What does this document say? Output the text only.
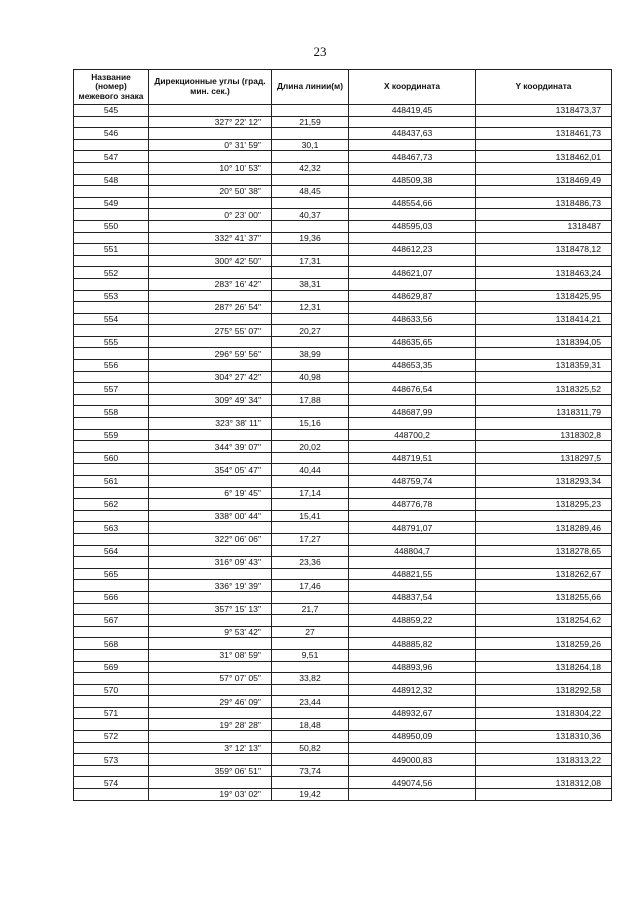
23
Название (номер) межевого знака	Дирекционные углы (град. мин. сек.)	Длина линии(м)	X координата	Y координата
545			448419,45	1318473,37
	327° 22' 12"	21,59		
546			448437,63	1318461,73
	0° 31' 59"	30,1		
547			448467,73	1318462,01
	10° 10' 53"	42,32		
548			448509,38	1318469,49
	20° 50' 38"	48,45		
549			448554,66	1318486,73
	0° 23' 00"	40,37		
550			448595,03	1318487
	332° 41' 37"	19,36		
551			448612,23	1318478,12
	300° 42' 50"	17,31		
552			448621,07	1318463,24
	283° 16' 42"	38,31		
553			448629,87	1318425,95
	287° 26' 54"	12,31		
554			448633,56	1318414,21
	275° 55' 07"	20,27		
555			448635,65	1318394,05
	296° 59' 56"	38,99		
556			448653,35	1318359,31
	304° 27' 42"	40,98		
557			448676,54	1318325,52
	309° 49' 34"	17,88		
558			448687,99	1318311,79
	323° 38' 11"	15,16		
559			448700,2	1318302,8
	344° 39' 07"	20,02		
560			448719,51	1318297,5
	354° 05' 47"	40,44		
561			448759,74	1318293,34
	6° 19' 45"	17,14		
562			448776,78	1318295,23
	338° 00' 44"	15,41		
563			448791,07	1318289,46
	322° 06' 06"	17,27		
564			448804,7	1318278,65
	316° 09' 43"	23,36		
565			448821,55	1318262,67
	336° 19' 39"	17,46		
566			448837,54	1318255,66
	357° 15' 13"	21,7		
567			448859,22	1318254,62
	9° 53' 42"	27		
568			448885,82	1318259,26
	31° 08' 59"	9,51		
569			448893,96	1318264,18
	57° 07' 05"	33,82		
570			448912,32	1318292,58
	29° 46' 09"	23,44		
571			448932,67	1318304,22
	19° 28' 28"	18,48		
572			448950,09	1318310,36
	3° 12' 13"	50,82		
573			449000,83	1318313,22
	359° 06' 51"	73,74		
574			449074,56	1318312,08
	19° 03' 02"	19,42		
